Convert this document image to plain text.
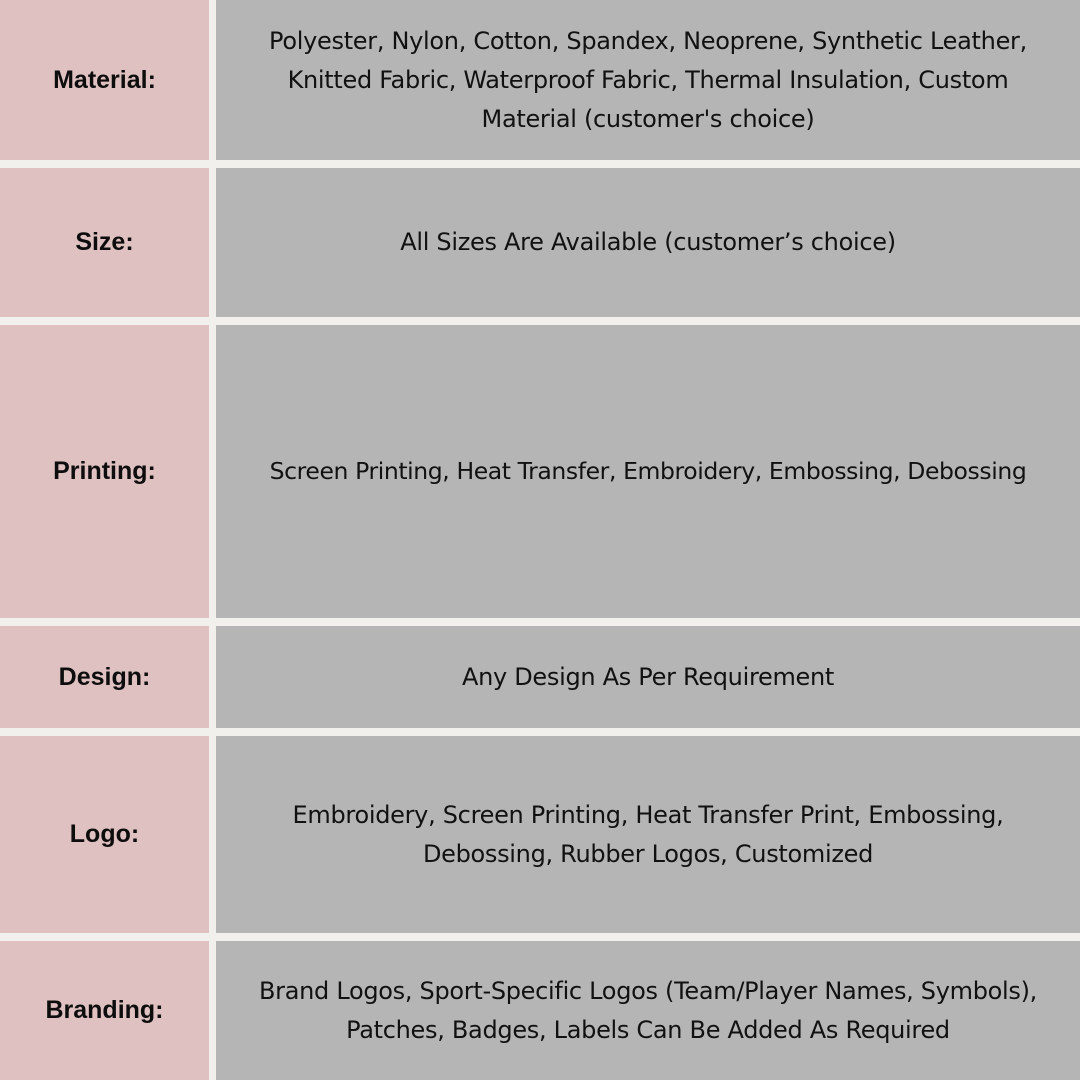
Material:
Polyester, Nylon, Cotton, Spandex, Neoprene, Synthetic Leather, Knitted Fabric, Waterproof Fabric, Thermal Insulation, Custom Material (customer's choice)
Size:	All Sizes Are Available (customer’s choice)
Printing:	Screen Printing, Heat Transfer, Embroidery, Embossing, Debossing
Design:	Any Design As Per Requirement
Logo:
Embroidery, Screen Printing, Heat Transfer Print, Embossing, Debossing, Rubber Logos, Customized
Branding:
Brand Logos, Sport-Specific Logos (Team/Player Names, Symbols), Patches, Badges, Labels Can Be Added As Required
